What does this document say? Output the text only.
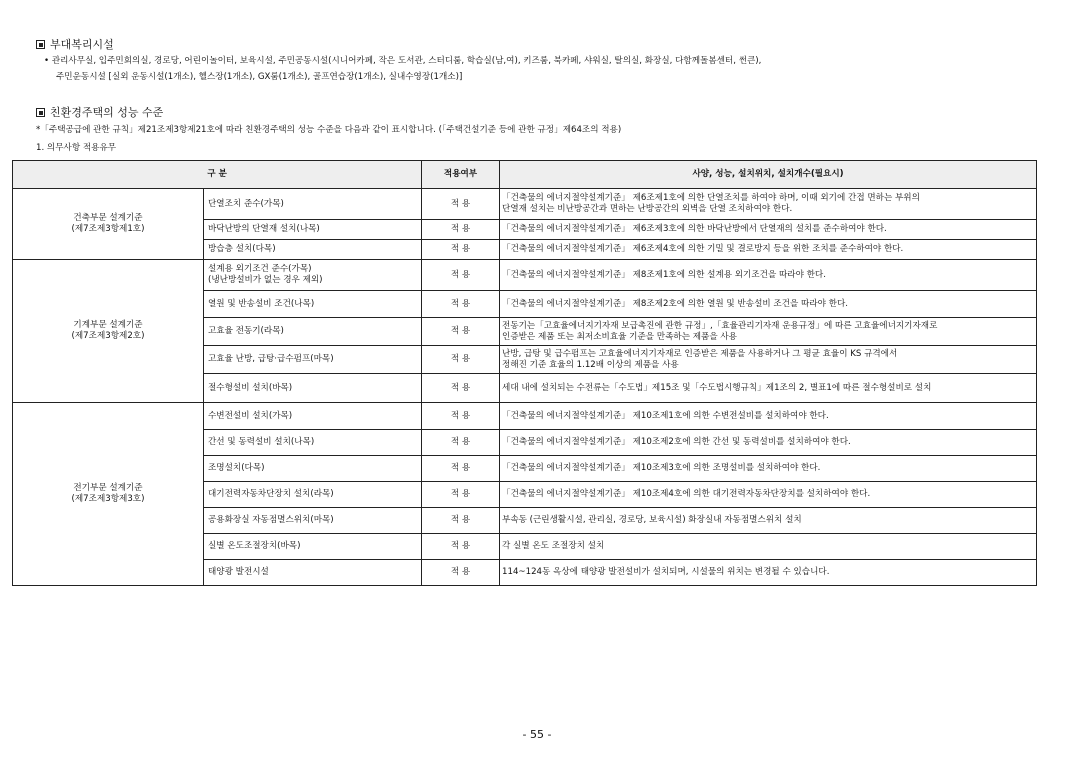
부대복리시설
• 관리사무실, 입주민회의실, 경로당, 어린이놀이터, 보육시설, 주민공동시설(시니어카페, 작은 도서관, 스터디룸, 학습실(남,여), 키즈룸, 북카페, 샤워실, 탈의실, 화장실, 다함께돌봄센터, 썬큰),
주민운동시설 [실외 운동시설(1개소), 헬스장(1개소), GX룸(1개소), 골프연습장(1개소), 실내수영장(1개소)]
친환경주택의 성능 수준
*「주택공급에 관한 규칙」제21조제3항제21호에 따라 친환경주택의 성능 수준을 다음과 같이 표시합니다. (「주택건설기준 등에 관한 규정」제64조의 적용)
1. 의무사항 적용유무
구 분		적용여부	사양, 성능, 설치위치, 설치개수(필요시)
건축부문 설계기준
(제7조제3항제1호)	단열조치 준수(가목)	적 용	「건축물의 에너지절약설계기준」 제6조제1호에 의한 단열조치를 하여야 하며, 이때 외기에 간접 면하는 부위의
단열재 설치는 비난방공간과 면하는 난방공간의 외벽을 단열 조치하여야 한다.
	바닥난방의 단열재 설치(나목)	적 용	「건축물의 에너지절약설계기준」 제6조제3호에 의한 바닥난방에서 단열재의 설치를 준수하여야 한다.
	방습층 설치(다목)	적 용	「건축물의 에너지절약설계기준」 제6조제4호에 의한 기밀 및 결로방지 등을 위한 조치를 준수하여야 한다.
기계부문 설계기준
(제7조제3항제2호)	설계용 외기조건 준수(가목)
(냉난방설비가 없는 경우 제외)	적 용	「건축물의 에너지절약설계기준」 제8조제1호에 의한 설계용 외기조건을 따라야 한다.
	열원 및 반송설비 조건(나목)	적 용	「건축물의 에너지절약설계기준」 제8조제2호에 의한 열원 및 반송설비 조건을 따라야 한다.
	고효율 전동기(라목)	적 용	전동기는「고효율에너지기자재 보급촉진에 관한 규정」,「효율관리기자재 운용규정」에 따른 고효율에너지기자재로
인증받은 제품 또는 최저소비효율 기준을 만족하는 제품을 사용
	고효율 난방, 급탕·급수펌프(마목)	적 용	난방, 급탕 및 급수펌프는 고효율에너지기자재로 인증받은 제품을 사용하거나 그 평균 효율이 KS 규격에서
정해진 기준 효율의 1.12배 이상의 제품을 사용
	절수형설비 설치(바목)	적 용	세대 내에 설치되는 수전류는「수도법」제15조 및「수도법시행규칙」제1조의 2, 별표1에 따른 절수형설비로 설치
전기부문 설계기준
(제7조제3항제3호)	수변전설비 설치(가목)	적 용	「건축물의 에너지절약설계기준」 제10조제1호에 의한 수변전설비를 설치하여야 한다.
	간선 및 동력설비 설치(나목)	적 용	「건축물의 에너지절약설계기준」 제10조제2호에 의한 간선 및 동력설비를 설치하여야 한다.
	조명설치(다목)	적 용	「건축물의 에너지절약설계기준」 제10조제3호에 의한 조명설비를 설치하여야 한다.
	대기전력자동차단장치 설치(라목)	적 용	「건축물의 에너지절약설계기준」 제10조제4호에 의한 대기전력자동차단장치를 설치하여야 한다.
	공용화장실 자동점멸스위치(마목)	적 용	부속동 (근린생활시설, 관리실, 경로당, 보육시설) 화장실내 자동점멸스위치 설치
	실별 온도조절장치(바목)	적 용	각 실별 온도 조절장치 설치
	태양광 발전시설	적 용	114~124동 옥상에 태양광 발전설비가 설치되며, 시설물의 위치는 변경될 수 있습니다.
- 55 -
